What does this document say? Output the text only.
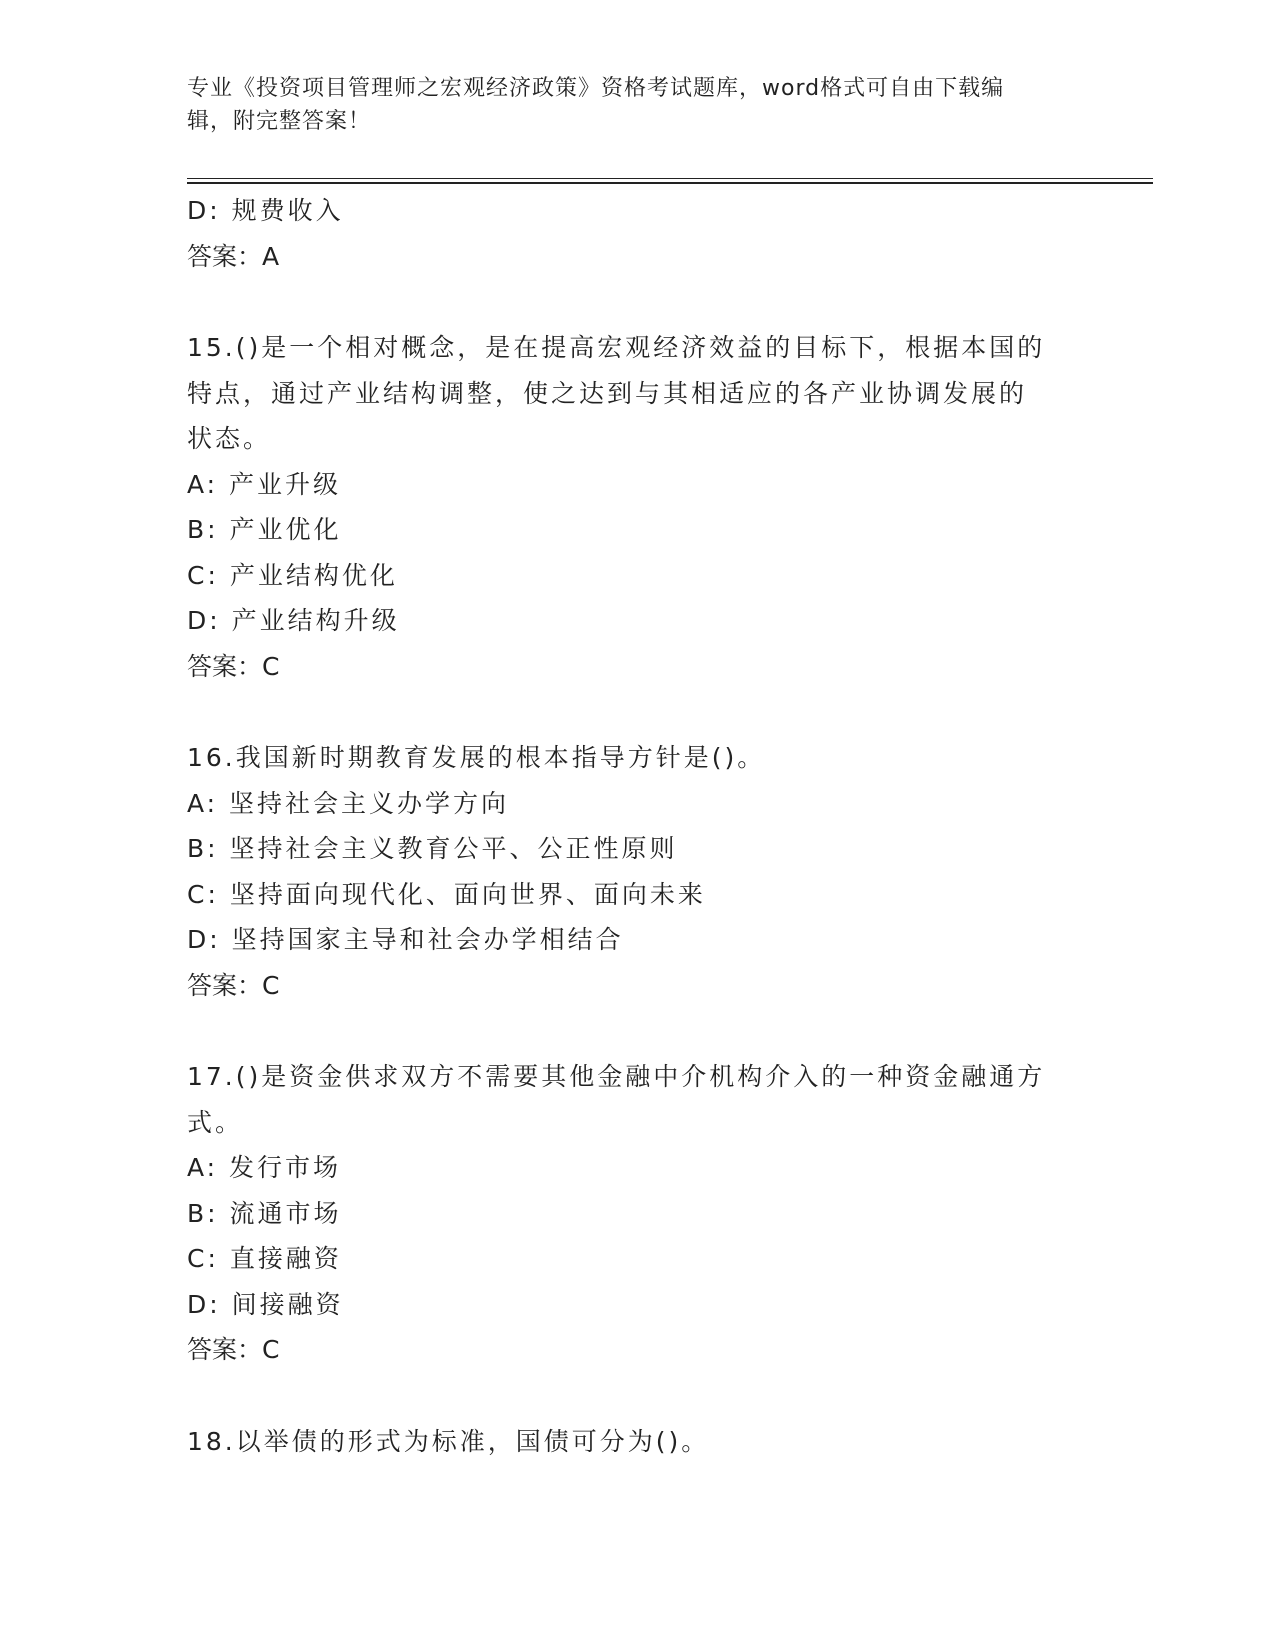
专业《投资项目管理师之宏观经济政策》资格考试题库，word格式可自由下载编
辑，附完整答案！
D: 规费收入
答案：A
15.()是一个相对概念，是在提高宏观经济效益的目标下，根据本国的
特点，通过产业结构调整，使之达到与其相适应的各产业协调发展的
状态。
A: 产业升级
B: 产业优化
C: 产业结构优化
D: 产业结构升级
答案：C
16.我国新时期教育发展的根本指导方针是()。
A: 坚持社会主义办学方向
B: 坚持社会主义教育公平、公正性原则
C: 坚持面向现代化、面向世界、面向未来
D: 坚持国家主导和社会办学相结合
答案：C
17.()是资金供求双方不需要其他金融中介机构介入的一种资金融通方
式。
A: 发行市场
B: 流通市场
C: 直接融资
D: 间接融资
答案：C
18.以举债的形式为标准，国债可分为()。
